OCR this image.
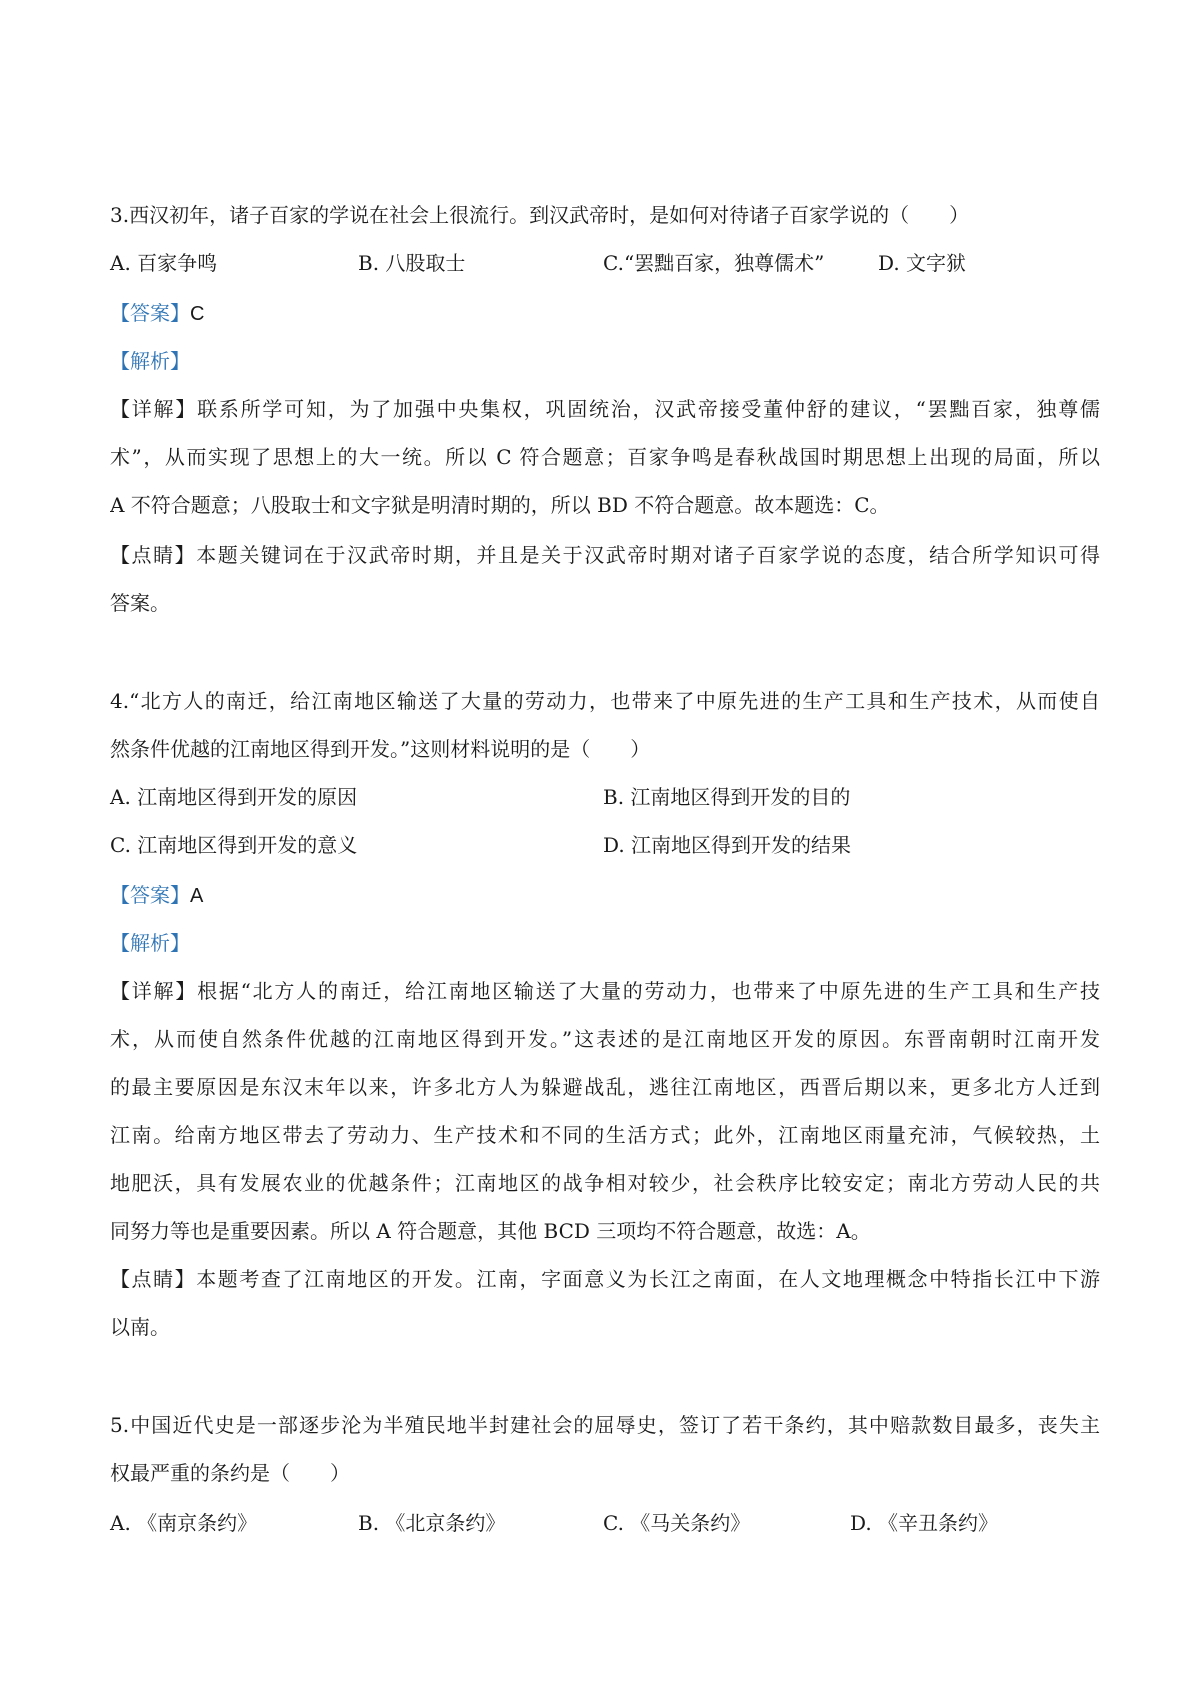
3.西汉初年，诸子百家的学说在社会上很流行。到汉武帝时，是如何对待诸子百家学说的（　　）
A. 百家争鸣	B. 八股取士	C.“罢黜百家，独尊儒术”	D. 文字狱
【答案】C
【解析】
【详解】联系所学可知，为了加强中央集权，巩固统治，汉武帝接受董仲舒的建议，“罢黜百家，独尊儒
术”，从而实现了思想上的大一统。所以 C 符合题意；百家争鸣是春秋战国时期思想上出现的局面，所以
A 不符合题意；八股取士和文字狱是明清时期的，所以 BD 不符合题意。故本题选：C。
【点睛】本题关键词在于汉武帝时期，并且是关于汉武帝时期对诸子百家学说的态度，结合所学知识可得
答案。
4.“北方人的南迁，给江南地区输送了大量的劳动力，也带来了中原先进的生产工具和生产技术，从而使自
然条件优越的江南地区得到开发。”这则材料说明的是（　　）
A. 江南地区得到开发的原因	B. 江南地区得到开发的目的
C. 江南地区得到开发的意义	D. 江南地区得到开发的结果
【答案】A
【解析】
【详解】根据“北方人的南迁，给江南地区输送了大量的劳动力，也带来了中原先进的生产工具和生产技
术，从而使自然条件优越的江南地区得到开发。”这表述的是江南地区开发的原因。东晋南朝时江南开发
的最主要原因是东汉末年以来，许多北方人为躲避战乱，逃往江南地区，西晋后期以来，更多北方人迁到
江南。给南方地区带去了劳动力、生产技术和不同的生活方式；此外，江南地区雨量充沛，气候较热，土
地肥沃，具有发展农业的优越条件；江南地区的战争相对较少，社会秩序比较安定；南北方劳动人民的共
同努力等也是重要因素。所以 A 符合题意，其他 BCD 三项均不符合题意，故选：A。
【点睛】本题考查了江南地区的开发。江南，字面意义为长江之南面，在人文地理概念中特指长江中下游
以南。
5.中国近代史是一部逐步沦为半殖民地半封建社会的屈辱史，签订了若干条约，其中赔款数目最多，丧失主
权最严重的条约是（　　）
A. 《南京条约》	B. 《北京条约》	C. 《马关条约》	D. 《辛丑条约》
